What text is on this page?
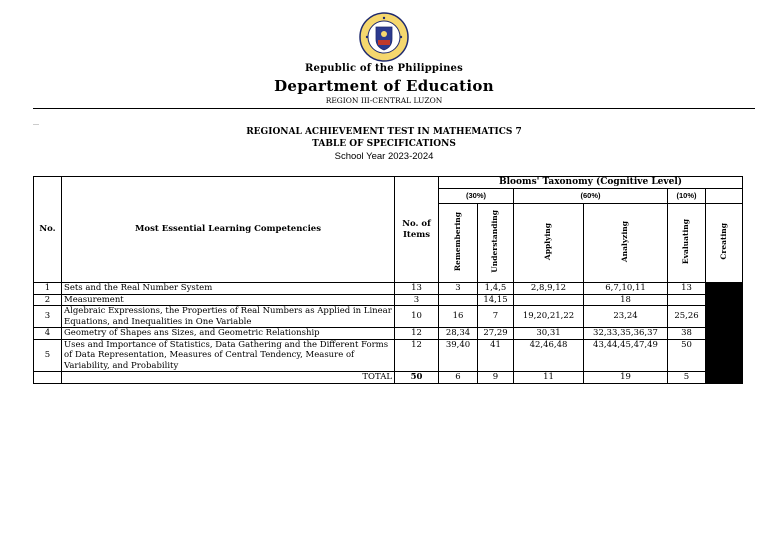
Republic of the Philippines
Department of Education
REGION III-CENTRAL LUZON
REGIONAL ACHIEVEMENT TEST IN MATHEMATICS 7
TABLE OF SPECIFICATIONS
School Year 2023-2024
No.	Most Essential Learning Competencies	No. of Items	Blooms' Taxonomy (Cognitive Level)					
			(30%)		(60%)		(10%)	
			Remembering	Understanding	Applying	Analyzing	Evaluating	Creating
1	Sets and the Real Number System	13	3	1,4,5	2,8,9,12	6,7,10,11	13	
2	Measurement	3		14,15		18		
3	Algebraic Expressions, the Properties of Real Numbers as Applied in Linear Equations, and Inequalities in One Variable	10	16	7	19,20,21,22	23,24	25,26	
4	Geometry of Shapes ans Sizes, and Geometric Relationship	12	28,34	27,29	30,31	32,33,35,36,37	38	
5	Uses and Importance of Statistics, Data Gathering and the Different Forms of Data Representation, Measures of Central Tendency, Measure of Variability, and Probability	12	39,40	41	42,46,48	43,44,45,47,49	50	
	TOTAL	50	6	9	11	19	5	
